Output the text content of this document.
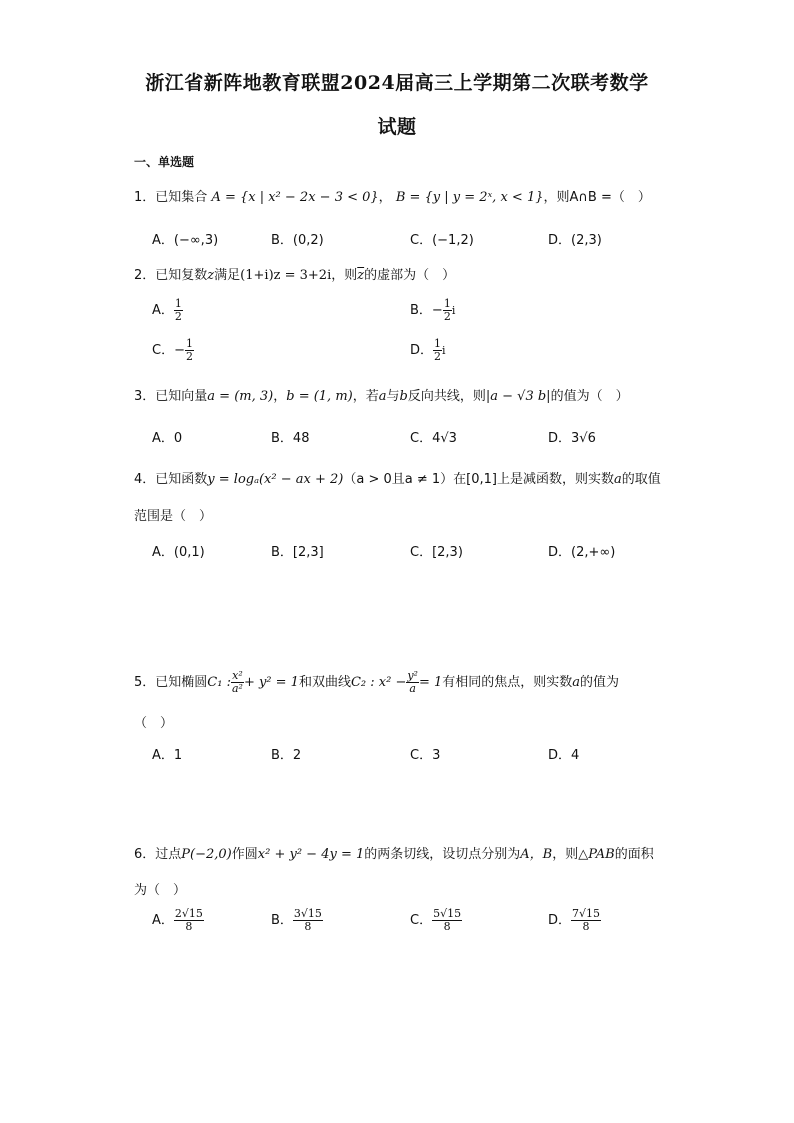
浙江省新阵地教育联盟2024届高三上学期第二次联考数学
试题
一、单选题
1．已知集合 A = {x | x² − 2x − 3 < 0}， B = {y | y = 2ˣ, x < 1}，则A∩B =（　）
A．(−∞,3)	B．(0,2)	C．(−1,2)	D．(2,3)
2．已知复数z满足(1+i)z = 3+2i，则$\overline{z}$的虚部为（　）
A． $\frac{1}{2}$	B．− $\frac{1}{2}$ i
C．− $\frac{1}{2}$	D． $\frac{1}{2}$ i
3．已知向量a = (m, 3)，b = (1, m)，若a与b反向共线，则|a − √3 b|的值为（　）
A．0	B．48	C．4√3	D．3√6
4．已知函数y = logₐ(x² − ax + 2)（a > 0且a ≠ 1）在[0,1]上是减函数，则实数a的取值
范围是（　）
A．(0,1)	B．[2,3]	C．[2,3)	D．(2,+∞)
5．已知椭圆C₁ : $\frac{\text{x²}}{\text{a²}} + y^2 = 1$和双曲线C₂ : $x^2 - \frac{\text{y²}}{a} = 1$有相同的焦点，则实数a的值为
（　）
A．1	B．2	C．3	D．4
6．过点P(−2,0)作圆x² + y² − 4y = 1的两条切线，设切点分别为A，B，则△PAB的面积
为（　）
A． $\frac{2√15}{8}$	B． $\frac{3√15}{8}$	C． $\frac{5√15}{8}$	D． $\frac{7√15}{8}$
